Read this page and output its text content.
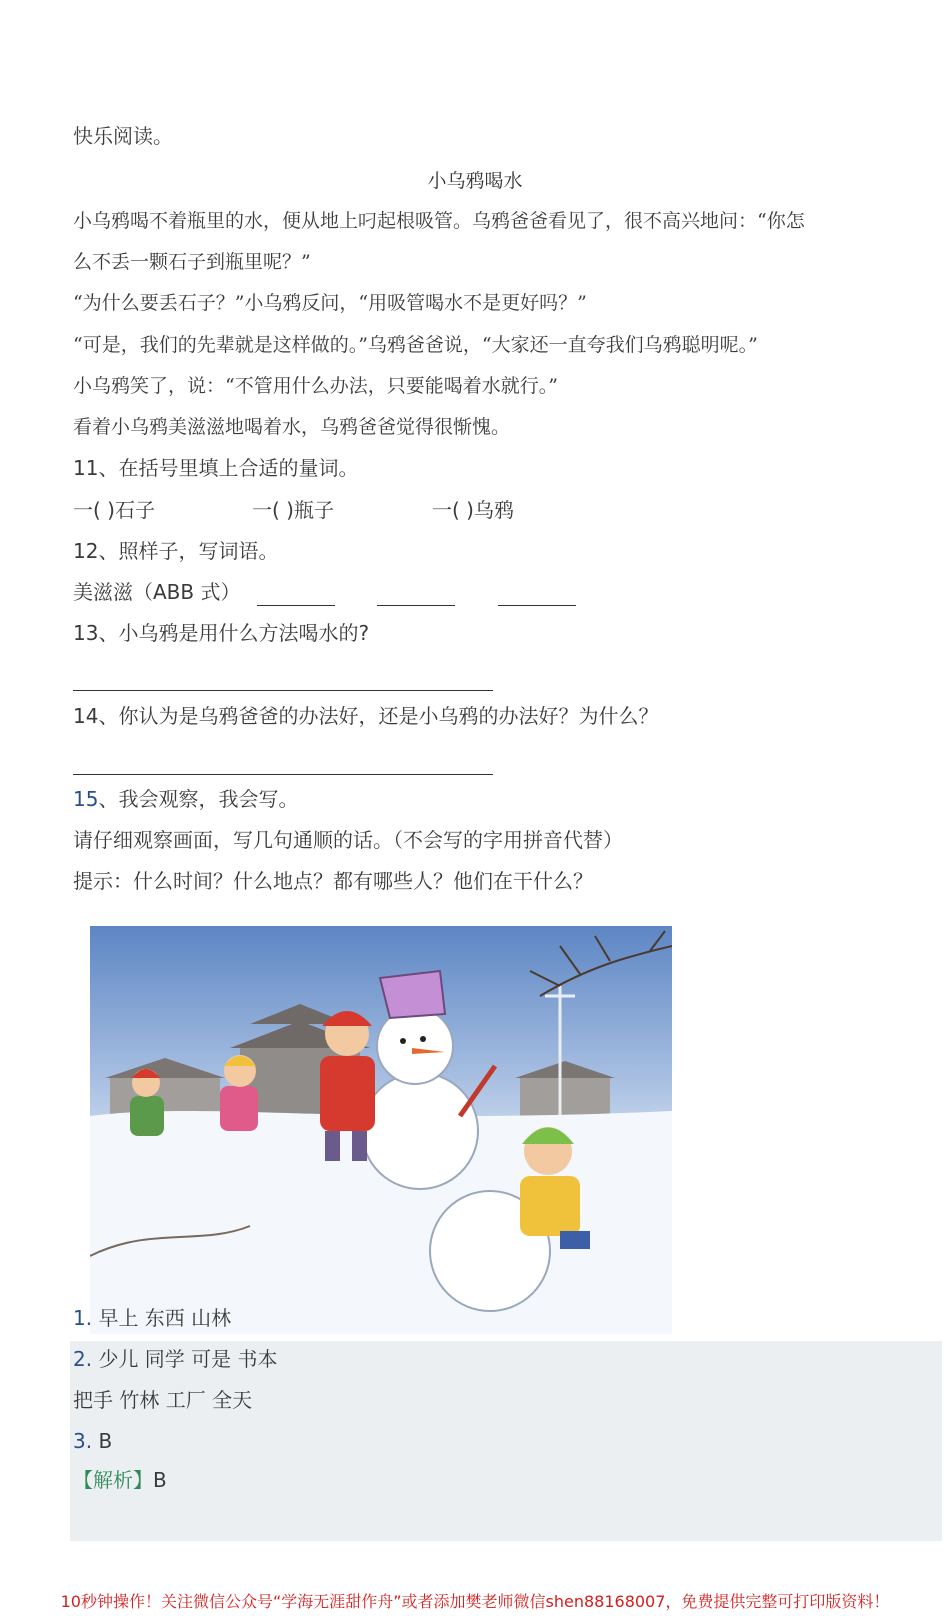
快乐阅读。
小乌鸦喝水
小乌鸦喝不着瓶里的水，便从地上叼起根吸管。乌鸦爸爸看见了，很不高兴地问：“你怎
么不丢一颗石子到瓶里呢？”
“为什么要丢石子？”小乌鸦反问，“用吸管喝水不是更好吗？”
“可是，我们的先辈就是这样做的。”乌鸦爸爸说，“大家还一直夸我们乌鸦聪明呢。”
小乌鸦笑了，说：“不管用什么办法，只要能喝着水就行。”
看着小乌鸦美滋滋地喝着水，乌鸦爸爸觉得很惭愧。
11、在括号里填上合适的量词。
一( )石子	一( )瓶子	一( )乌鸦
12、照样子，写词语。
美滋滋（ABB 式）
13、小乌鸦是用什么方法喝水的?
14、你认为是乌鸦爸爸的办法好，还是小乌鸦的办法好？为什么？
15、我会观察，我会写。
请仔细观察画面，写几句通顺的话。（不会写的字用拼音代替）
提示：什么时间？什么地点？都有哪些人？他们在干什么？
1. 早上 东西 山林
2. 少儿 同学 可是 书本
把手 竹林 工厂 全天
3. B
【解析】B
10秒钟操作！关注微信公众号“学海无涯甜作舟”或者添加樊老师微信shen88168007，免费提供完整可打印版资料！
